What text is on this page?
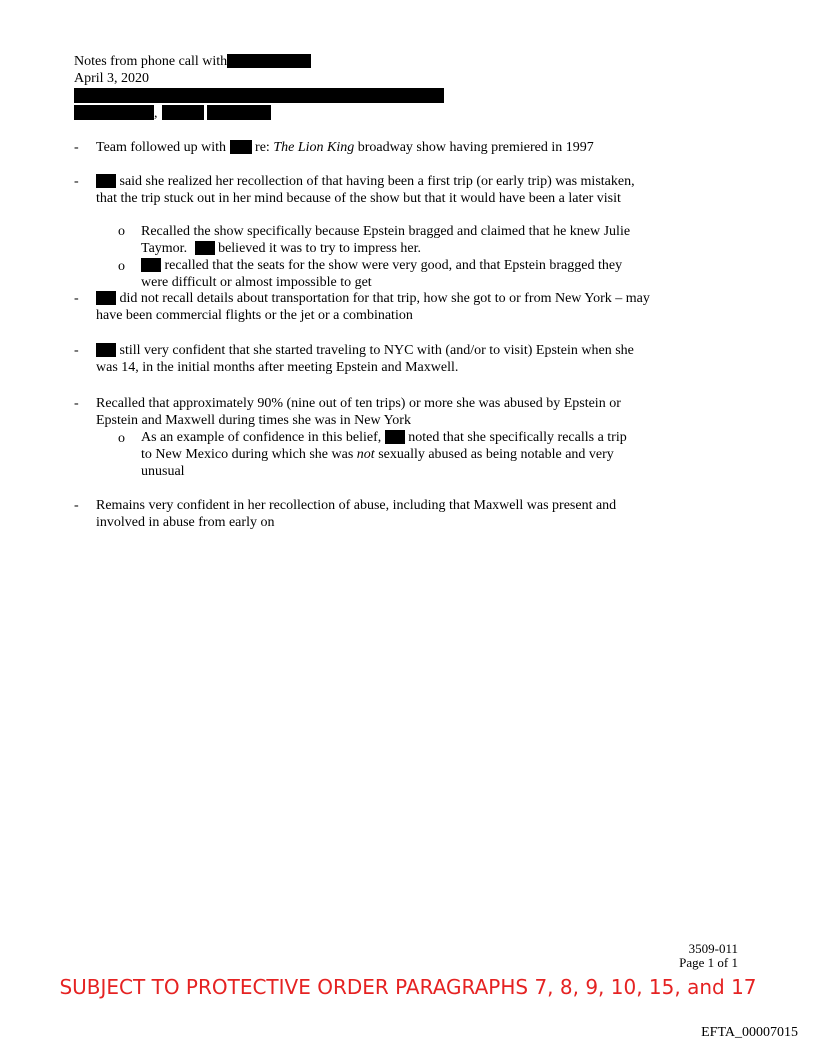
Notes from phone call with
April 3, 2020
,
- Team followed up with  re: The Lion King broadway show having premiered in 1997
-	said she realized her recollection of that having been a first trip (or early trip) was mistaken, that the trip stuck out in her mind because of the show but that it would have been a later visit
o Recalled the show specifically because Epstein bragged and claimed that he knew Julie Taymor.  believed it was to try to impress her.
o	recalled that the seats for the show were very good, and that Epstein bragged they were difficult or almost impossible to get
-	did not recall details about transportation for that trip, how she got to or from New York – may have been commercial flights or the jet or a combination
-	still very confident that she started traveling to NYC with (and/or to visit) Epstein when she was 14, in the initial months after meeting Epstein and Maxwell.
- Recalled that approximately 90% (nine out of ten trips) or more she was abused by Epstein or Epstein and Maxwell during times she was in New York
o As an example of confidence in this belief,  noted that she specifically recalls a trip to New Mexico during which she was not sexually abused as being notable and very unusual
- Remains very confident in her recollection of abuse, including that Maxwell was present and involved in abuse from early on
3509-011
Page 1 of 1
SUBJECT TO PROTECTIVE ORDER PARAGRAPHS 7, 8, 9, 10, 15, and 17
EFTA_00007015
